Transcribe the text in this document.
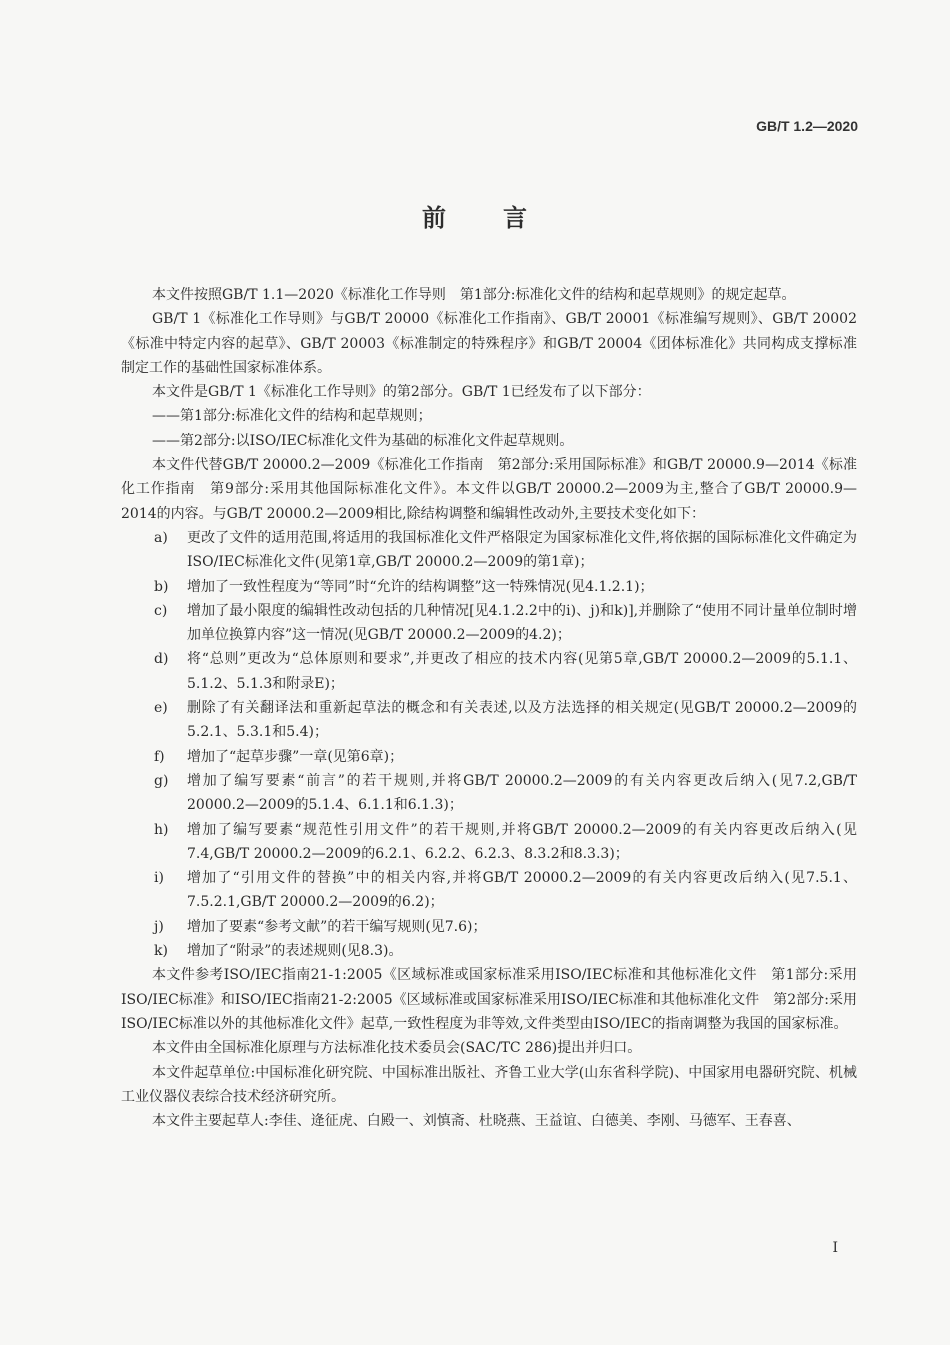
GB/T 1.2—2020
前 言

本文件按照GB/T 1.1—2020《标准化工作导则　第1部分:标准化文件的结构和起草规则》的规定起草。

GB/T 1《标准化工作导则》与GB/T 20000《标准化工作指南》、GB/T 20001《标准编写规则》、GB/T 20002《标准中特定内容的起草》、GB/T 20003《标准制定的特殊程序》和GB/T 20004《团体标准化》共同构成支撑标准制定工作的基础性国家标准体系。

本文件是GB/T 1《标准化工作导则》的第2部分。GB/T 1已经发布了以下部分：

——第1部分:标准化文件的结构和起草规则；

——第2部分:以ISO/IEC标准化文件为基础的标准化文件起草规则。

本文件代替GB/T 20000.2—2009《标准化工作指南　第2部分:采用国际标准》和GB/T 20000.9—2014《标准化工作指南　第9部分:采用其他国际标准化文件》。本文件以GB/T 20000.2—2009为主,整合了GB/T 20000.9—2014的内容。与GB/T 20000.2—2009相比,除结构调整和编辑性改动外,主要技术变化如下：

a)	更改了文件的适用范围,将适用的我国标准化文件严格限定为国家标准化文件,将依据的国际标准化文件确定为ISO/IEC标准化文件(见第1章,GB/T 20000.2—2009的第1章)；
b)	增加了一致性程度为“等同”时“允许的结构调整”这一特殊情况(见4.1.2.1)；
c)	增加了最小限度的编辑性改动包括的几种情况[见4.1.2.2中的i)、j)和k)],并删除了“使用不同计量单位制时增加单位换算内容”这一情况(见GB/T 20000.2—2009的4.2)；
d)	将“总则”更改为“总体原则和要求”,并更改了相应的技术内容(见第5章,GB/T 20000.2—2009的5.1.1、5.1.2、5.1.3和附录E)；
e)	删除了有关翻译法和重新起草法的概念和有关表述,以及方法选择的相关规定(见GB/T 20000.2—2009的5.2.1、5.3.1和5.4)；
f)	增加了“起草步骤”一章(见第6章)；
g)	增加了编写要素“前言”的若干规则,并将GB/T 20000.2—2009的有关内容更改后纳入(见7.2,GB/T 20000.2—2009的5.1.4、6.1.1和6.1.3)；
h)	增加了编写要素“规范性引用文件”的若干规则,并将GB/T 20000.2—2009的有关内容更改后纳入(见7.4,GB/T 20000.2—2009的6.2.1、6.2.2、6.2.3、8.3.2和8.3.3)；
i)	增加了“引用文件的替换”中的相关内容,并将GB/T 20000.2—2009的有关内容更改后纳入(见7.5.1、7.5.2.1,GB/T 20000.2—2009的6.2)；
j)	增加了要素“参考文献”的若干编写规则(见7.6)；
k)	增加了“附录”的表述规则(见8.3)。

本文件参考ISO/IEC指南21-1:2005《区域标准或国家标准采用ISO/IEC标准和其他标准化文件　第1部分:采用ISO/IEC标准》和ISO/IEC指南21-2:2005《区域标准或国家标准采用ISO/IEC标准和其他标准化文件　第2部分:采用ISO/IEC标准以外的其他标准化文件》起草,一致性程度为非等效,文件类型由ISO/IEC的指南调整为我国的国家标准。

本文件由全国标准化原理与方法标准化技术委员会(SAC/TC 286)提出并归口。

本文件起草单位:中国标准化研究院、中国标准出版社、齐鲁工业大学(山东省科学院)、中国家用电器研究院、机械工业仪器仪表综合技术经济研究所。

本文件主要起草人:李佳、逄征虎、白殿一、刘慎斋、杜晓燕、王益谊、白德美、李刚、马德军、王春喜、

I
